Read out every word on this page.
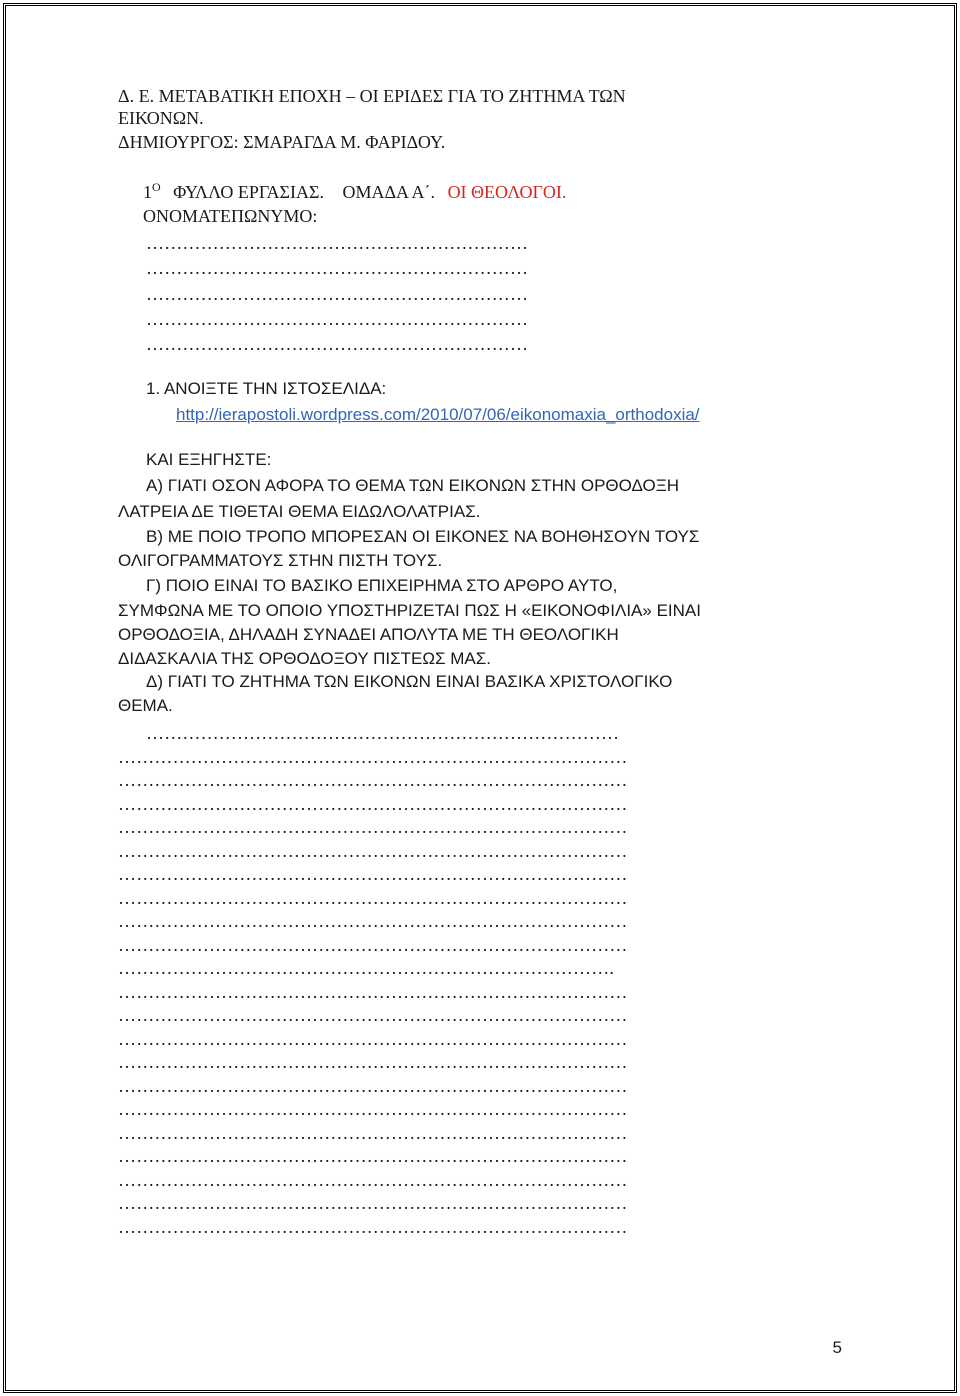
Δ. Ε. ΜΕΤΑΒΑΤΙΚΗ ΕΠΟΧΗ – ΟΙ ΕΡΙΔΕΣ ΓΙΑ ΤΟ ΖΗΤΗΜΑ ΤΩΝ
ΕΙΚΟΝΩΝ.
ΔΗΜΙΟΥΡΓΟΣ: ΣΜΑΡΑΓΔΑ Μ. ΦΑΡΙΔΟΥ.
$1^O$ ΦΥΛΛΟ ΕΡΓΑΣΙΑΣ. ΟΜΑΔΑ Α΄. ΟΙ ΘΕΟΛΟΓΟΙ.
ΟΝΟΜΑΤΕΠΩΝΥΜΟ:
………………………………………………………
………………………………………………………
………………………………………………………
………………………………………………………
………………………………………………………
1. ΑΝΟΙΞΤΕ ΤΗΝ ΙΣΤΟΣΕΛΙΔΑ:
http://ierapostoli.wordpress.com/2010/07/06/eikonomaxia_orthodoxia/
ΚΑΙ ΕΞΗΓΗΣΤΕ:
Α) ΓΙΑΤΙ ΟΣΟΝ ΑΦΟΡΑ ΤΟ ΘΕΜΑ ΤΩΝ ΕΙΚΟΝΩΝ ΣΤΗΝ ΟΡΘΟΔΟΞΗ
ΛΑΤΡΕΙΑ ΔΕ ΤΙΘΕΤΑΙ ΘΕΜΑ ΕΙΔΩΛΟΛΑΤΡΙΑΣ.
Β) ΜΕ ΠΟΙΟ ΤΡΟΠΟ ΜΠΟΡΕΣΑΝ ΟΙ ΕΙΚΟΝΕΣ ΝΑ ΒΟΗΘΗΣΟΥΝ ΤΟΥΣ
ΟΛΙΓΟΓΡΑΜΜΑΤΟΥΣ ΣΤΗΝ ΠΙΣΤΗ ΤΟΥΣ.
Γ) ΠΟΙΟ ΕΙΝΑΙ ΤΟ ΒΑΣΙΚΟ ΕΠΙΧΕΙΡΗΜΑ ΣΤΟ ΑΡΘΡΟ ΑΥΤΟ,
ΣΥΜΦΩΝΑ ΜΕ ΤΟ ΟΠΟΙΟ ΥΠΟΣΤΗΡΙΖΕΤΑΙ ΠΩΣ Η «ΕΙΚΟΝΟΦΙΛΙΑ» ΕΙΝΑΙ
ΟΡΘΟΔΟΞΙΑ, ΔΗΛΑΔΗ ΣΥΝΑΔΕΙ ΑΠΟΛΥΤΑ ΜΕ ΤΗ ΘΕΟΛΟΓΙΚΗ
ΔΙΔΑΣΚΑΛΙΑ ΤΗΣ ΟΡΘΟΔΟΞΟΥ ΠΙΣΤΕΩΣ ΜΑΣ.
Δ) ΓΙΑΤΙ ΤΟ ΖΗΤΗΜΑ ΤΩΝ ΕΙΚΟΝΩΝ ΕΙΝΑΙ ΒΑΣΙΚΑ ΧΡΙΣΤΟΛΟΓΙΚΟ
ΘΕΜΑ.
……………………………………………………………………
…………………………………………………………………………
…………………………………………………………………………
…………………………………………………………………………
…………………………………………………………………………
…………………………………………………………………………
…………………………………………………………………………
…………………………………………………………………………
…………………………………………………………………………
…………………………………………………………………………
……………………………………………………………………….
…………………………………………………………………………
…………………………………………………………………………
…………………………………………………………………………
…………………………………………………………………………
…………………………………………………………………………
…………………………………………………………………………
…………………………………………………………………………
…………………………………………………………………………
…………………………………………………………………………
…………………………………………………………………………
…………………………………………………………………………
5
